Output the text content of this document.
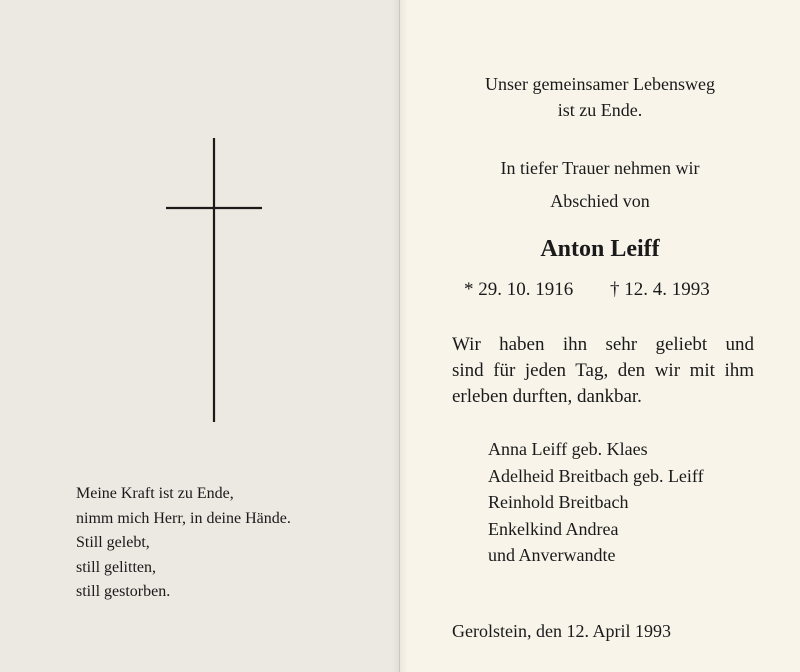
Meine Kraft ist zu Ende,
nimm mich Herr, in deine Hände.
Still gelebt,
still gelitten,
still gestorben.
Unser gemeinsamer Lebensweg
ist zu Ende.
In tiefer Trauer nehmen wir
Abschied von
Anton Leiff
* 29. 10. 1916 † 12. 4. 1993
Wir haben ihn sehr geliebt und
sind für jeden Tag, den wir mit ihm
erleben durften, dankbar.
Anna Leiff geb. Klaes
Adelheid Breitbach geb. Leiff
Reinhold Breitbach
Enkelkind Andrea
und Anverwandte
Gerolstein, den 12. April 1993
